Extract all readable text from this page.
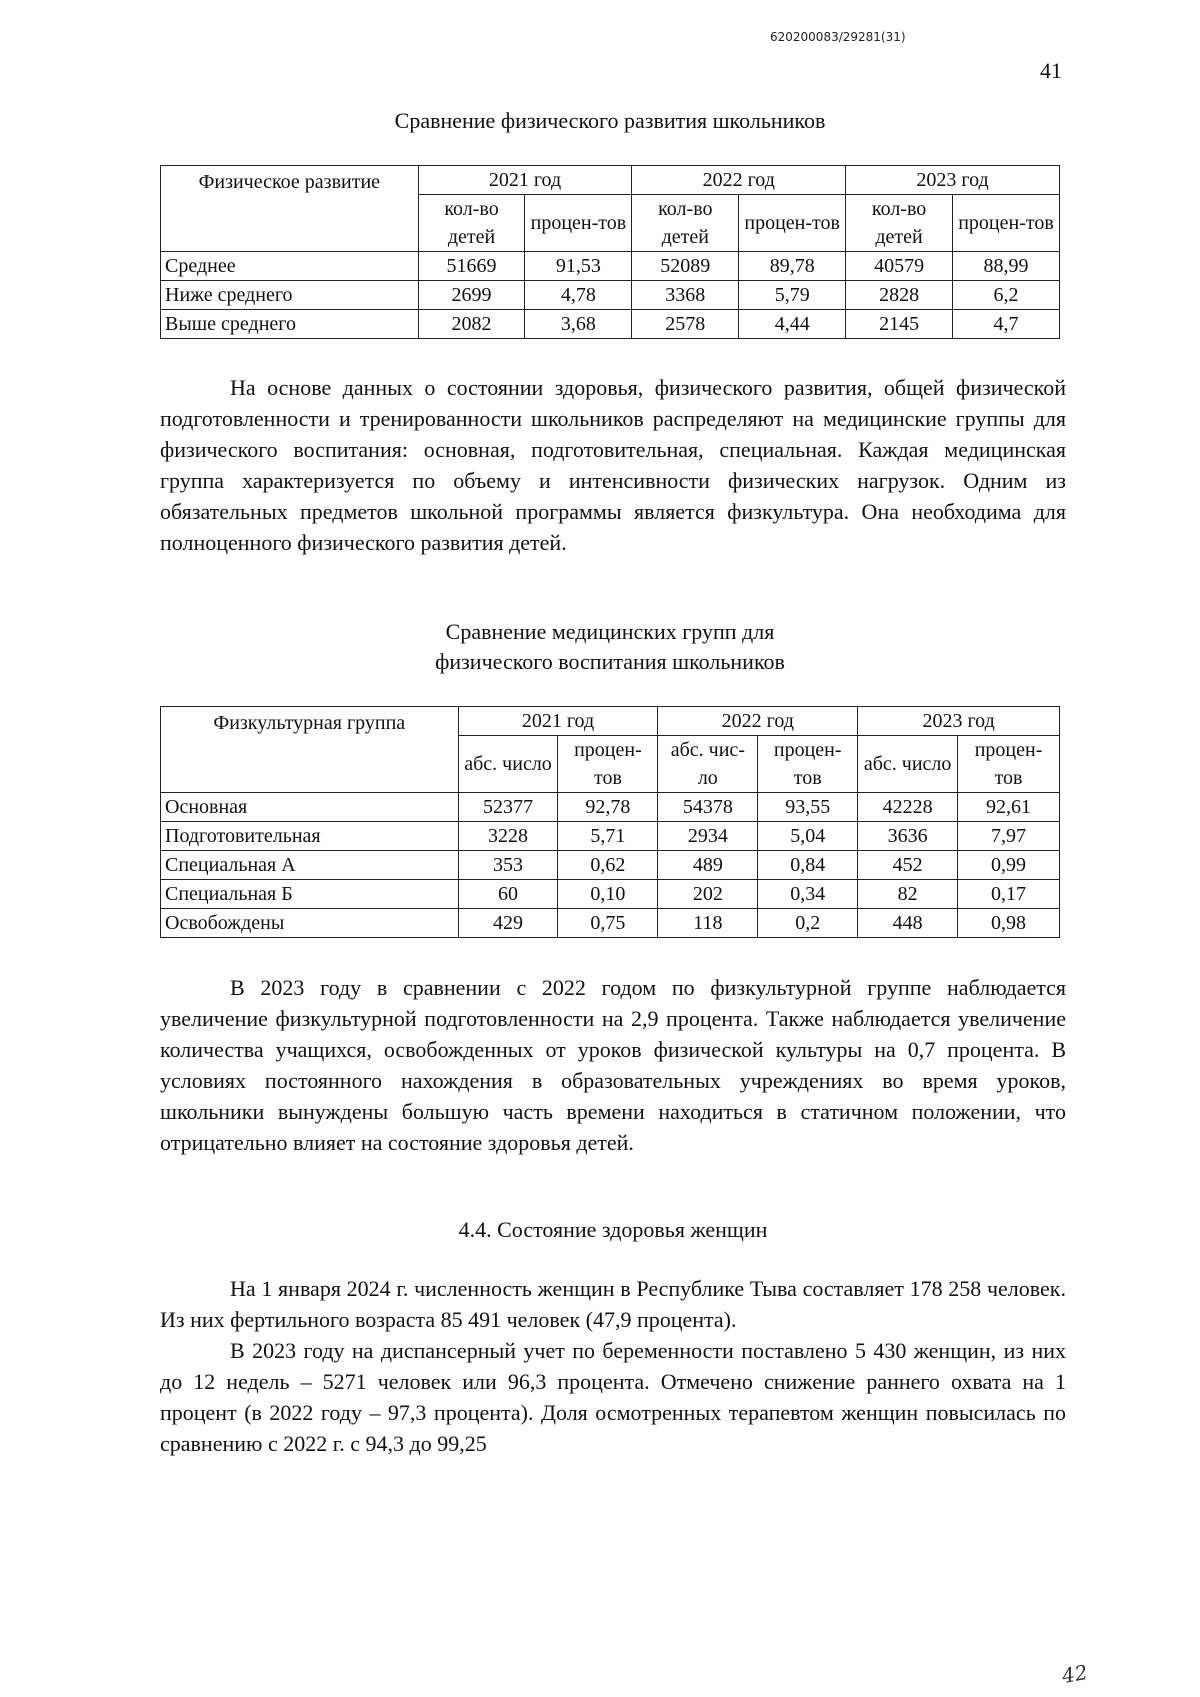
620200083/29281(31)
41
Сравнение физического развития школьников
Физическое развитие	2021 год		2022 год		2023 год	
	кол-во детей	процен-тов	кол-во детей	процен-тов	кол-во детей	процен-тов
Среднее	51669	91,53	52089	89,78	40579	88,99
Ниже среднего	2699	4,78	3368	5,79	2828	6,2
Выше среднего	2082	3,68	2578	4,44	2145	4,7

На основе данных о состоянии здоровья, физического развития, общей физической подготовленности и тренированности школьников распределяют на медицинские группы для физического воспитания: основная, подготовительная, специальная. Каждая медицинская группа характеризуется по объему и интенсивности физических нагрузок. Одним из обязательных предметов школьной программы является физкультура. Она необходима для полноценного физического развития детей.

Сравнение медицинских групп для
физического воспитания школьников
Физкультурная группа	2021 год		2022 год		2023 год	
	абс. число	процен-тов	абс. чис-ло	процен-тов	абс. число	процен-тов
Основная	52377	92,78	54378	93,55	42228	92,61
Подготовительная	3228	5,71	2934	5,04	3636	7,97
Специальная А	353	0,62	489	0,84	452	0,99
Специальная Б	60	0,10	202	0,34	82	0,17
Освобождены	429	0,75	118	0,2	448	0,98

В 2023 году в сравнении с 2022 годом по физкультурной группе наблюдается увеличение физкультурной подготовленности на 2,9 процента. Также наблюдается увеличение количества учащихся, освобожденных от уроков физической культуры на 0,7 процента. В условиях постоянного нахождения в образовательных учреждениях во время уроков, школьники вынуждены большую часть времени находиться в статичном положении, что отрицательно влияет на состояние здоровья детей.

4.4. Состояние здоровья женщин

На 1 января 2024 г. численность женщин в Республике Тыва составляет 178 258 человек. Из них фертильного возраста 85 491 человек (47,9 процента).

В 2023 году на диспансерный учет по беременности поставлено 5 430 женщин, из них до 12 недель – 5271 человек или 96,3 процента. Отмечено снижение раннего охвата на 1 процент (в 2022 году – 97,3 процента). Доля осмотренных терапевтом женщин повысилась по сравнению с 2022 г. с 94,3 до 99,25

42
